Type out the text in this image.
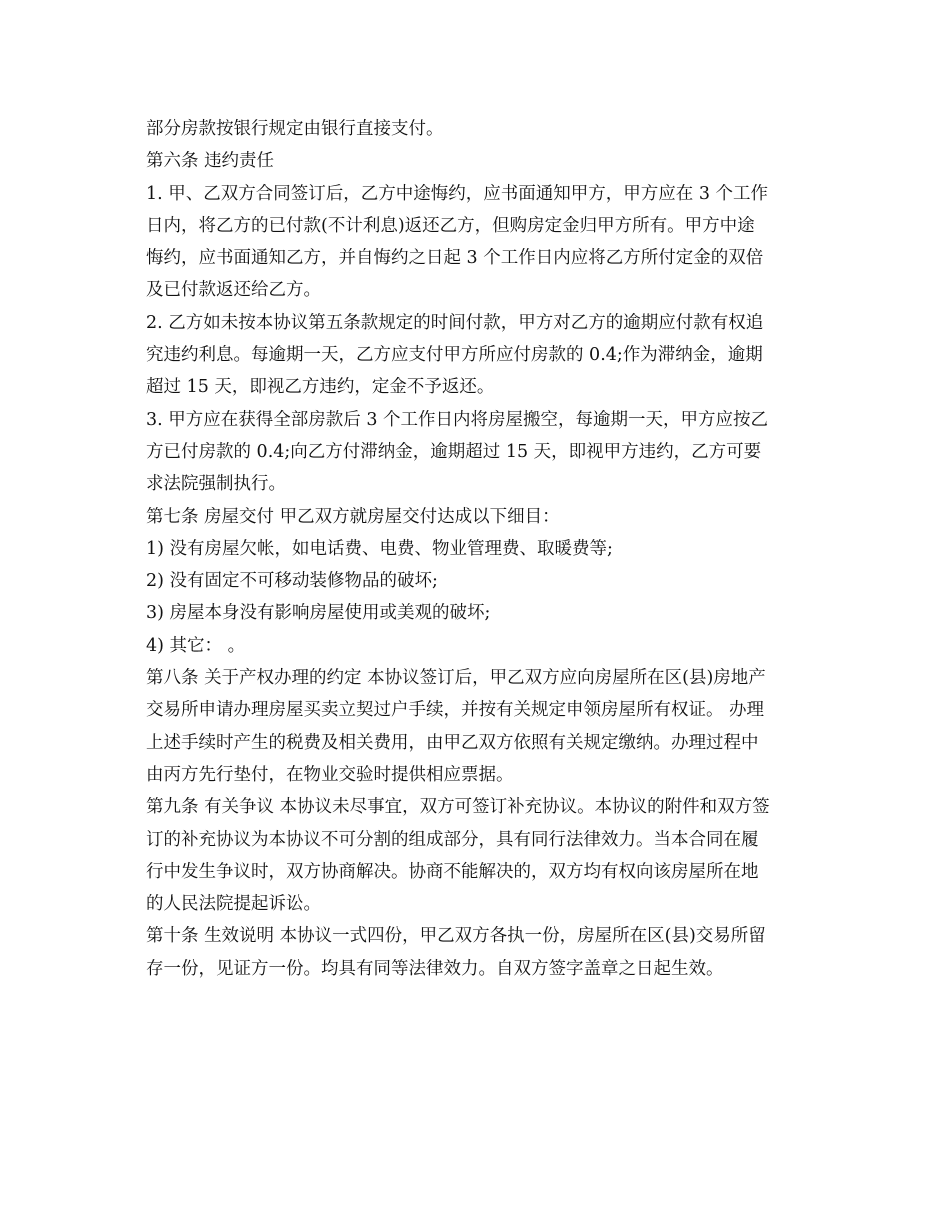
部分房款按银行规定由银行直接支付。
第六条 违约责任
1. 甲、乙双方合同签订后，乙方中途悔约，应书面通知甲方，甲方应在 3 个工作
日内，将乙方的已付款(不计利息)返还乙方，但购房定金归甲方所有。甲方中途
悔约，应书面通知乙方，并自悔约之日起 3 个工作日内应将乙方所付定金的双倍
及已付款返还给乙方。
2. 乙方如未按本协议第五条款规定的时间付款，甲方对乙方的逾期应付款有权追
究违约利息。每逾期一天，乙方应支付甲方所应付房款的 0.4;作为滞纳金，逾期
超过 15 天，即视乙方违约，定金不予返还。
3. 甲方应在获得全部房款后 3 个工作日内将房屋搬空，每逾期一天，甲方应按乙
方已付房款的 0.4;向乙方付滞纳金，逾期超过 15 天，即视甲方违约，乙方可要
求法院强制执行。
第七条 房屋交付 甲乙双方就房屋交付达成以下细目：
1) 没有房屋欠帐，如电话费、电费、物业管理费、取暖费等;
2) 没有固定不可移动装修物品的破坏;
3) 房屋本身没有影响房屋使用或美观的破坏;
4) 其它： 。
第八条 关于产权办理的约定 本协议签订后，甲乙双方应向房屋所在区(县)房地产
交易所申请办理房屋买卖立契过户手续，并按有关规定申领房屋所有权证。 办理
上述手续时产生的税费及相关费用，由甲乙双方依照有关规定缴纳。办理过程中
由丙方先行垫付，在物业交验时提供相应票据。
第九条 有关争议 本协议未尽事宜，双方可签订补充协议。本协议的附件和双方签
订的补充协议为本协议不可分割的组成部分，具有同行法律效力。当本合同在履
行中发生争议时，双方协商解决。协商不能解决的，双方均有权向该房屋所在地
的人民法院提起诉讼。
第十条 生效说明 本协议一式四份，甲乙双方各执一份，房屋所在区(县)交易所留
存一份，见证方一份。均具有同等法律效力。自双方签字盖章之日起生效。
